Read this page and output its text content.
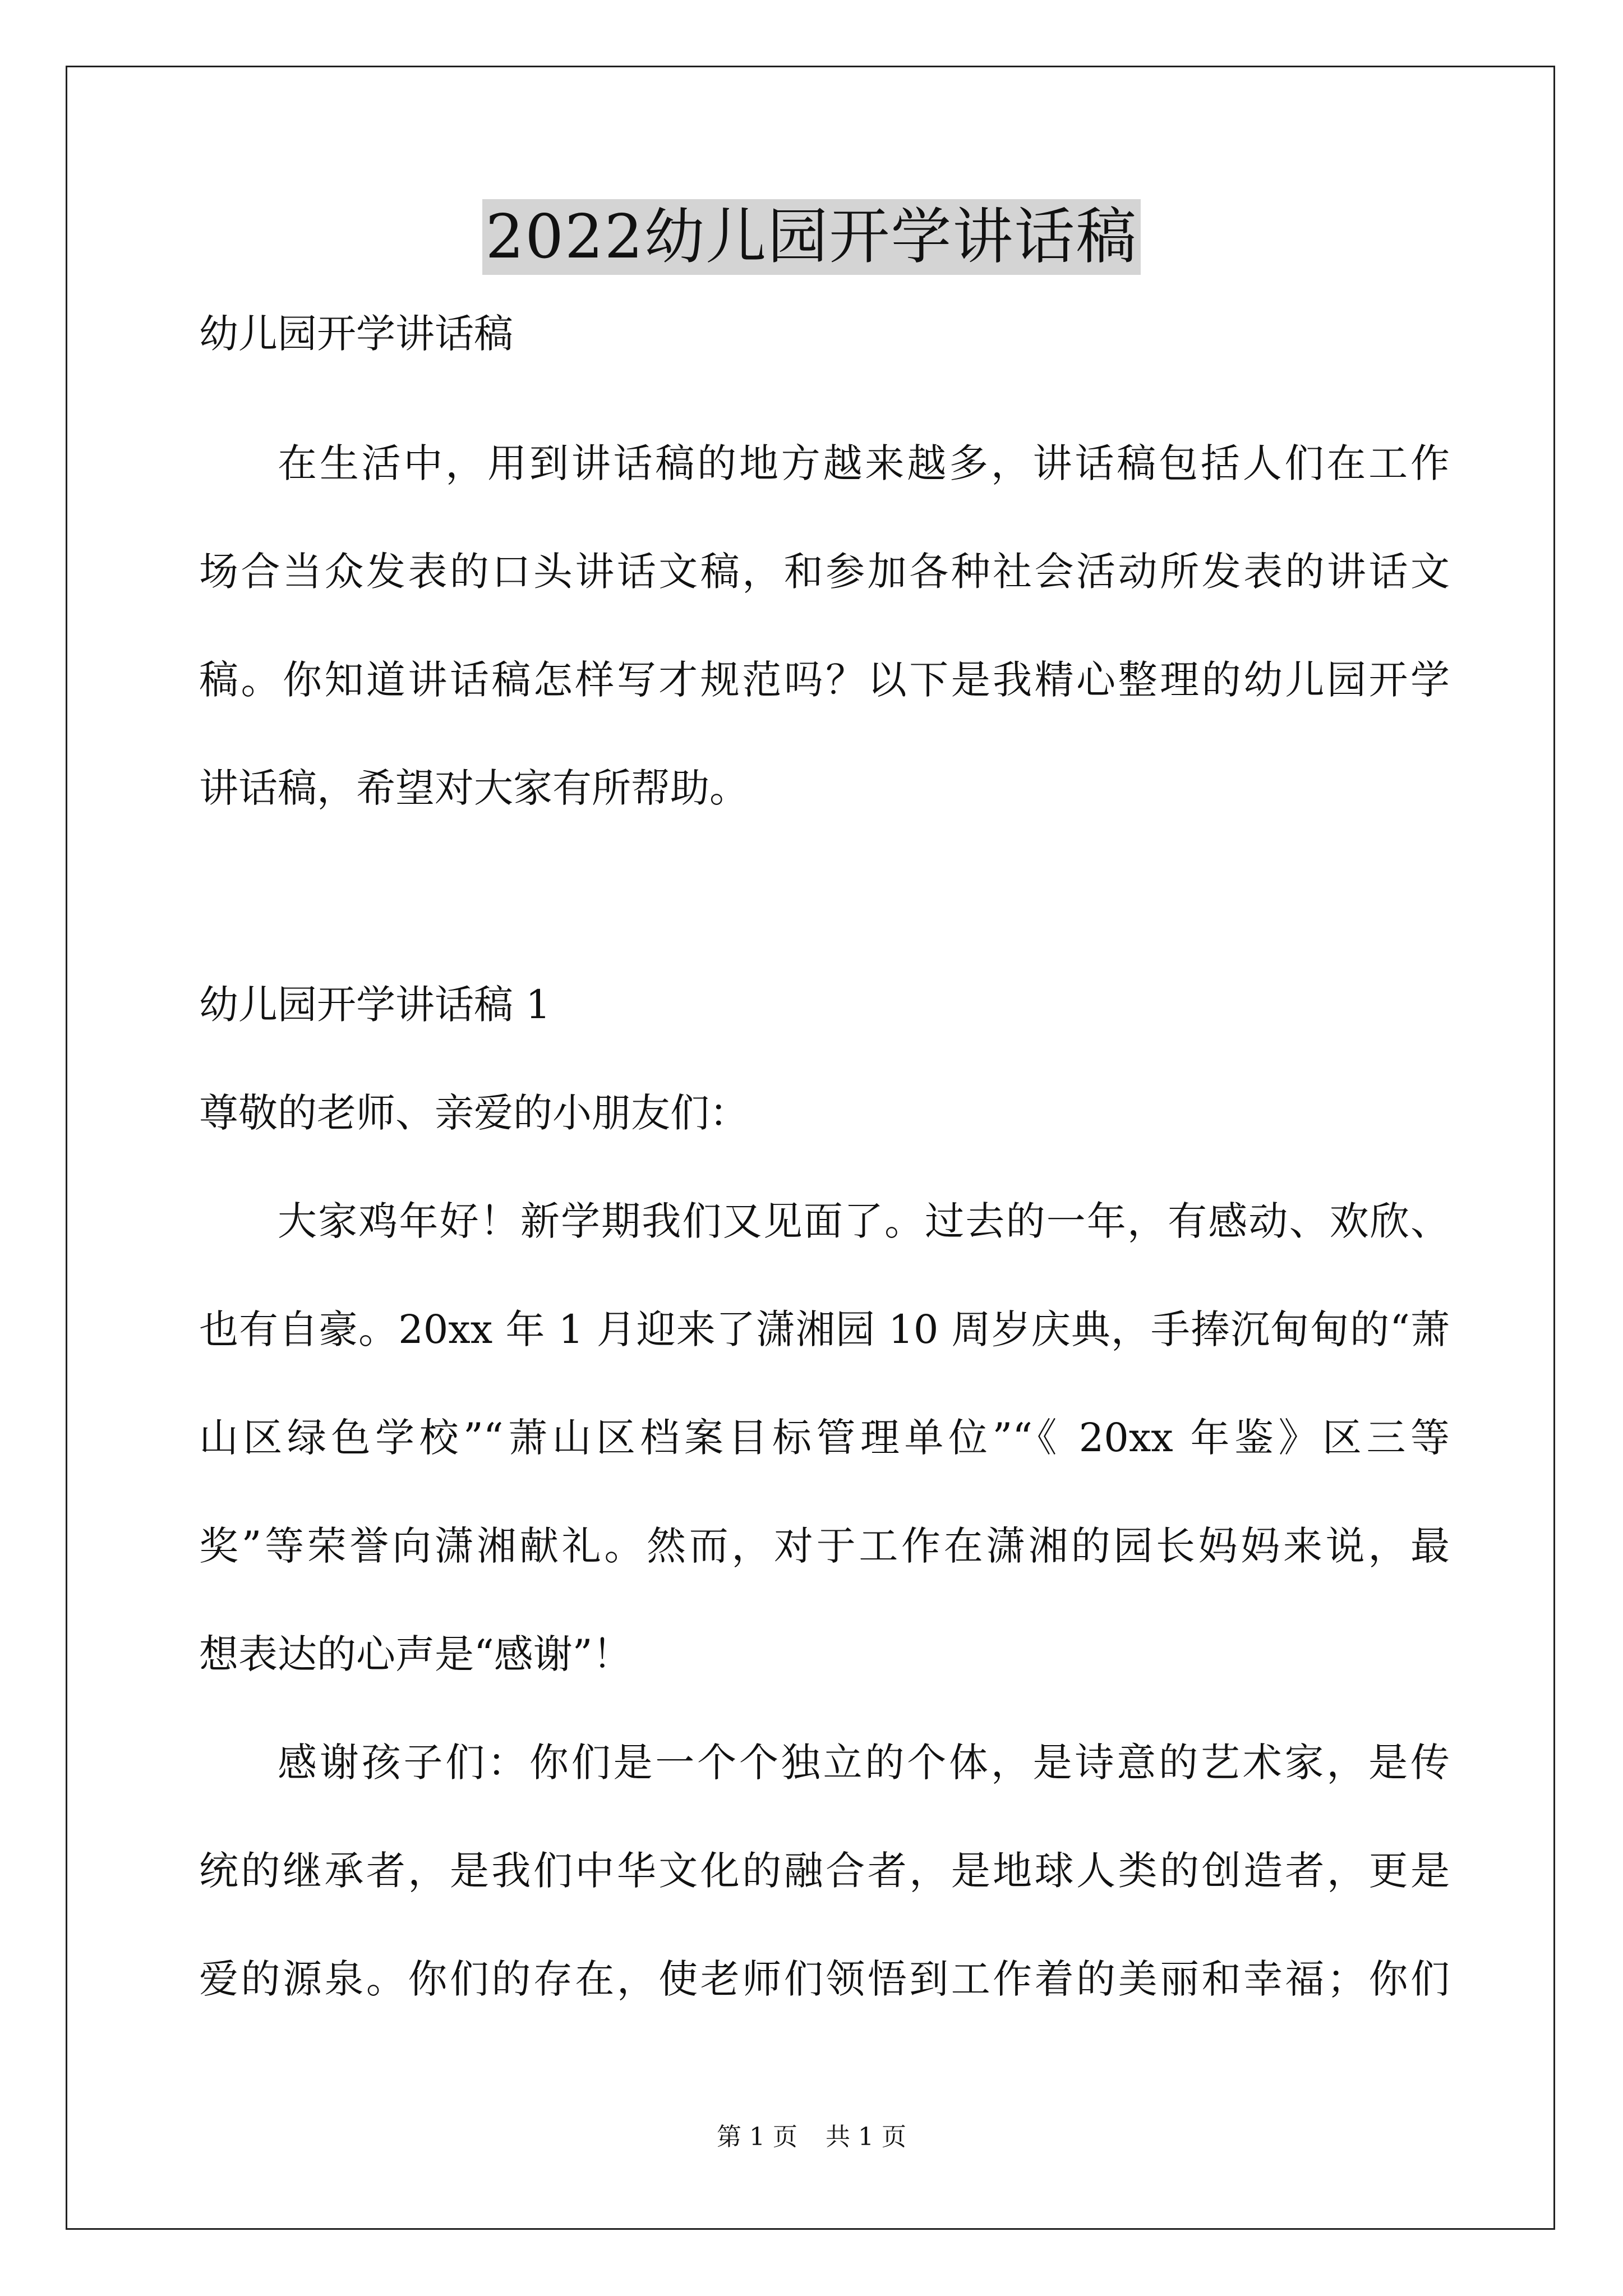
2022幼儿园开学讲话稿

幼儿园开学讲话稿

在生活中，用到讲话稿的地方越来越多，讲话稿包括人们在工作
场合当众发表的口头讲话文稿，和参加各种社会活动所发表的讲话文
稿。你知道讲话稿怎样写才规范吗？以下是我精心整理的幼儿园开学
讲话稿，希望对大家有所帮助。

幼儿园开学讲话稿 1

尊敬的老师、亲爱的小朋友们：

大家鸡年好！新学期我们又见面了。过去的一年，有感动、欢欣、
也有自豪。20xx 年 1 月迎来了潇湘园 10 周岁庆典，手捧沉甸甸的“萧
山区绿色学校”“萧山区档案目标管理单位”“《 20xx 年鉴》区三等
奖”等荣誉向潇湘献礼。然而，对于工作在潇湘的园长妈妈来说，最
想表达的心声是“感谢”！
感谢孩子们：你们是一个个独立的个体，是诗意的艺术家，是传
统的继承者，是我们中华文化的融合者，是地球人类的创造者，更是
爱的源泉。你们的存在，使老师们领悟到工作着的美丽和幸福；你们
第 1 页 共 1 页
